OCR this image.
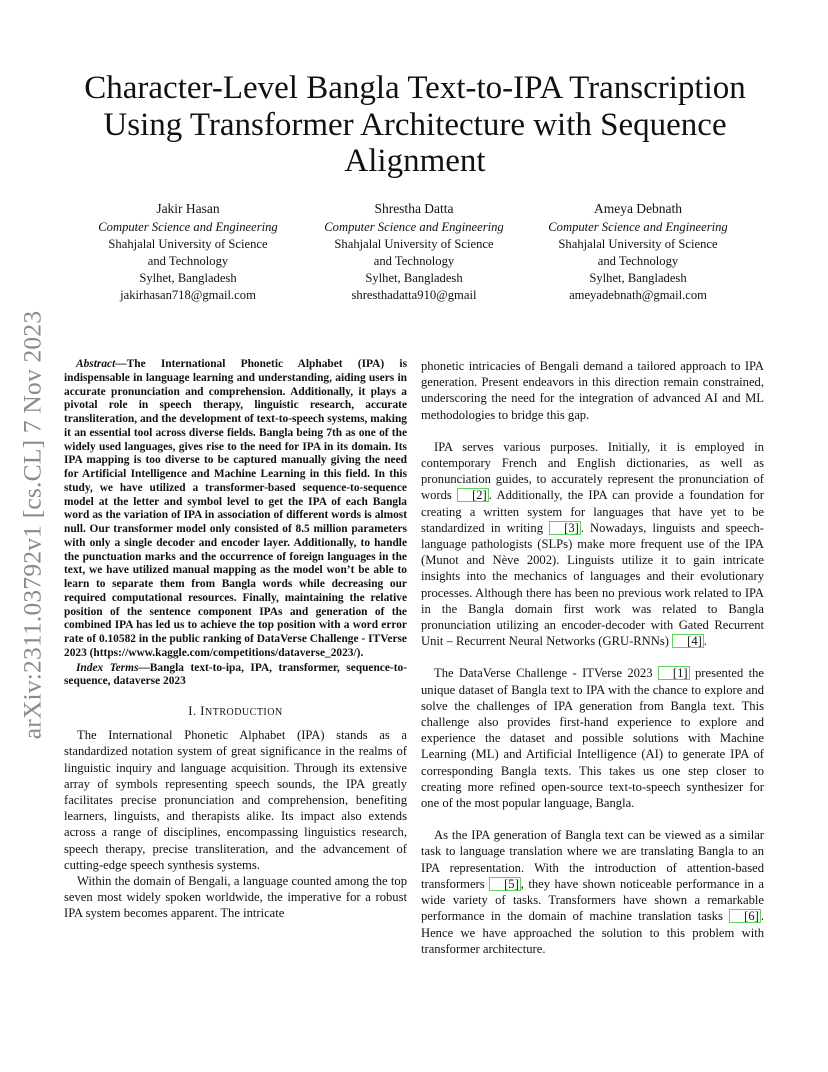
arXiv:2311.03792v1 [cs.CL] 7 Nov 2023
Character-Level Bangla Text-to-IPA Transcription Using Transformer Architecture with Sequence Alignment
Jakir Hasan
Computer Science and Engineering
Shahjalal University of Science
and Technology
Sylhet, Bangladesh
jakirhasan718@gmail.com
Shrestha Datta
Computer Science and Engineering
Shahjalal University of Science
and Technology
Sylhet, Bangladesh
shresthadatta910@gmail
Ameya Debnath
Computer Science and Engineering
Shahjalal University of Science
and Technology
Sylhet, Bangladesh
ameyadebnath@gmail.com

Abstract—The International Phonetic Alphabet (IPA) is indispensable in language learning and understanding, aiding users in accurate pronunciation and comprehension. Additionally, it plays a pivotal role in speech therapy, linguistic research, accurate transliteration, and the development of text-to-speech systems, making it an essential tool across diverse fields. Bangla being 7th as one of the widely used languages, gives rise to the need for IPA in its domain. Its IPA mapping is too diverse to be captured manually giving the need for Artificial Intelligence and Machine Learning in this field. In this study, we have utilized a transformer-based sequence-to-sequence model at the letter and symbol level to get the IPA of each Bangla word as the variation of IPA in association of different words is almost null. Our transformer model only consisted of 8.5 million parameters with only a single decoder and encoder layer. Additionally, to handle the punctuation marks and the occurrence of foreign languages in the text, we have utilized manual mapping as the model won’t be able to learn to separate them from Bangla words while decreasing our required computational resources. Finally, maintaining the relative position of the sentence component IPAs and generation of the combined IPA has led us to achieve the top position with a word error rate of 0.10582 in the public ranking of DataVerse Challenge - ITVerse 2023 (https://www.kaggle.com/competitions/dataverse_2023/).

Index Terms—Bangla text-to-ipa, IPA, transformer, sequence-to-sequence, dataverse 2023

I. INTRODUCTION

The International Phonetic Alphabet (IPA) stands as a standardized notation system of great significance in the realms of linguistic inquiry and language acquisition. Through its extensive array of symbols representing speech sounds, the IPA greatly facilitates precise pronunciation and comprehension, benefiting learners, linguists, and therapists alike. Its impact also extends across a range of disciplines, encompassing linguistics research, speech therapy, precise transliteration, and the advancement of cutting-edge speech synthesis systems.

Within the domain of Bengali, a language counted among the top seven most widely spoken worldwide, the imperative for a robust IPA system becomes apparent. The intricate

phonetic intricacies of Bengali demand a tailored approach to IPA generation. Present endeavors in this direction remain constrained, underscoring the need for the integration of advanced AI and ML methodologies to bridge this gap.

IPA serves various purposes. Initially, it is employed in contemporary French and English dictionaries, as well as pronunciation guides, to accurately represent the pronunciation of words [2] . Additionally, the IPA can provide a foundation for creating a written system for languages that have yet to be standardized in writing [3] . Nowadays, linguists and speech-language pathologists (SLPs) make more frequent use of the IPA (Munot and Nève 2002). Linguists utilize it to gain intricate insights into the mechanics of languages and their evolutionary processes. Although there has been no previous work related to IPA in the Bangla domain first work was related to Bangla pronunciation utilizing an encoder-decoder with Gated Recurrent Unit – Recurrent Neural Networks (GRU-RNNs) [4] .

The DataVerse Challenge - ITVerse 2023 [1] presented the unique dataset of Bangla text to IPA with the chance to explore and solve the challenges of IPA generation from Bangla text. This challenge also provides first-hand experience to explore and experience the dataset and possible solutions with Machine Learning (ML) and Artificial Intelligence (AI) to generate IPA of corresponding Bangla texts. This takes us one step closer to creating more refined open-source text-to-speech synthesizer for one of the most popular language, Bangla.

As the IPA generation of Bangla text can be viewed as a similar task to language translation where we are translating Bangla to an IPA representation. With the introduction of attention-based transformers [5] , they have shown noticeable performance in a wide variety of tasks. Transformers have shown a remarkable performance in the domain of machine translation tasks [6] . Hence we have approached the solution to this problem with transformer architecture.
